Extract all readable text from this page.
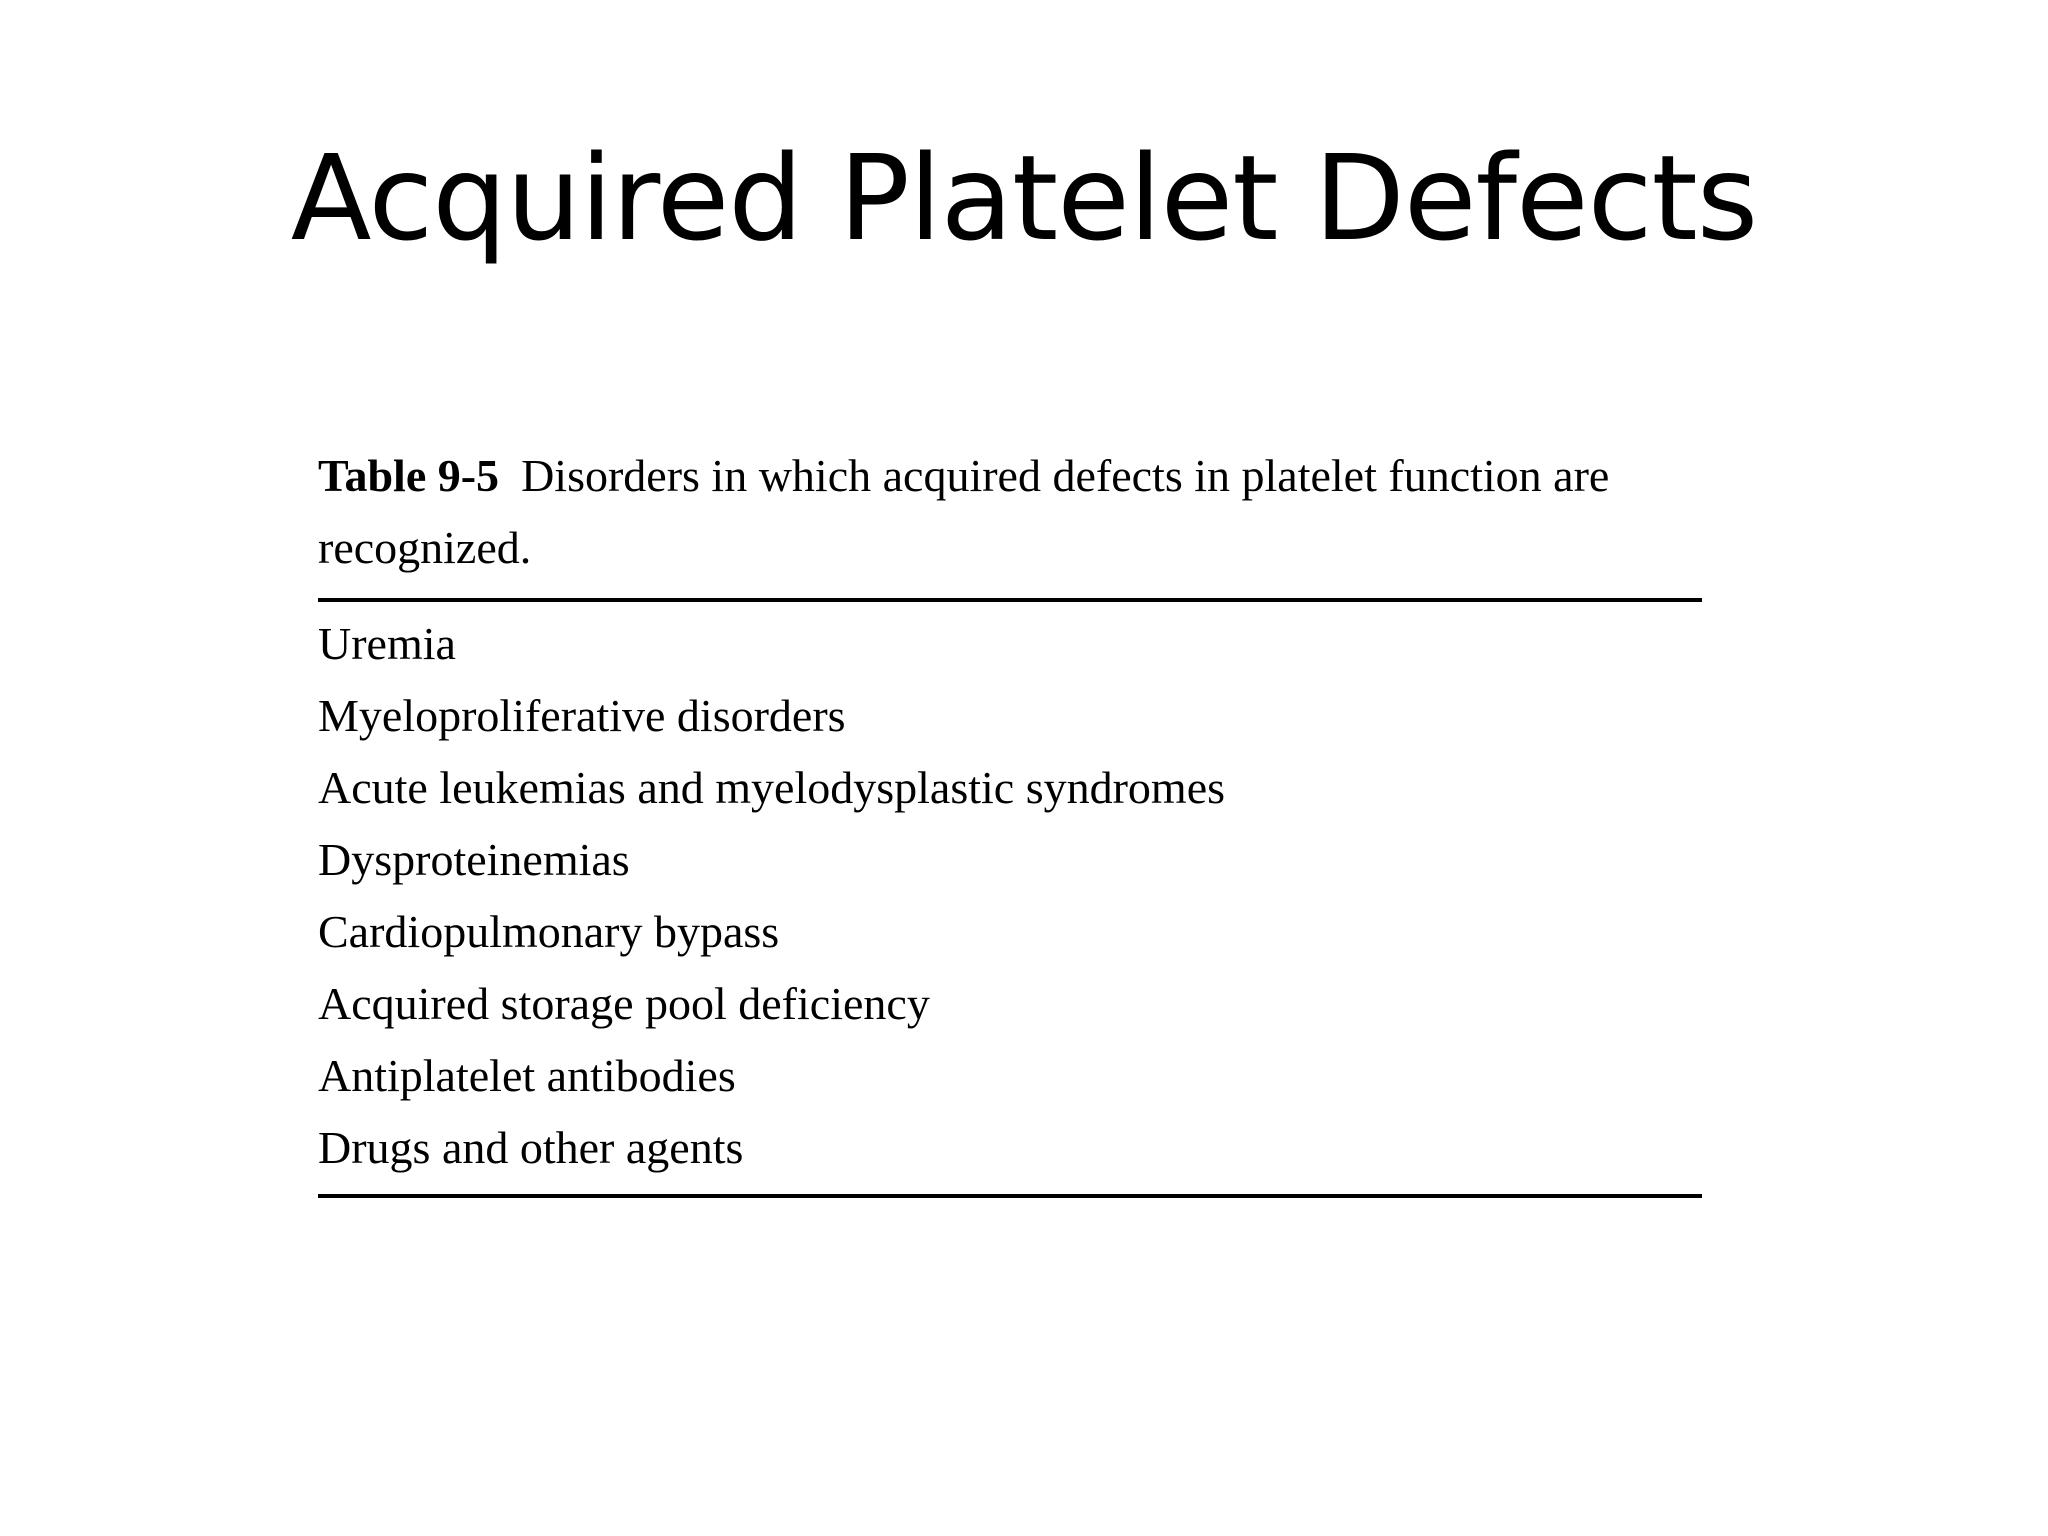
Acquired Platelet Defects

Table 9-5 Disorders in which acquired defects in platelet function are recognized.

Uremia
Myeloproliferative disorders
Acute leukemias and myelodysplastic syndromes
Dysproteinemias
Cardiopulmonary bypass
Acquired storage pool deficiency
Antiplatelet antibodies
Drugs and other agents
